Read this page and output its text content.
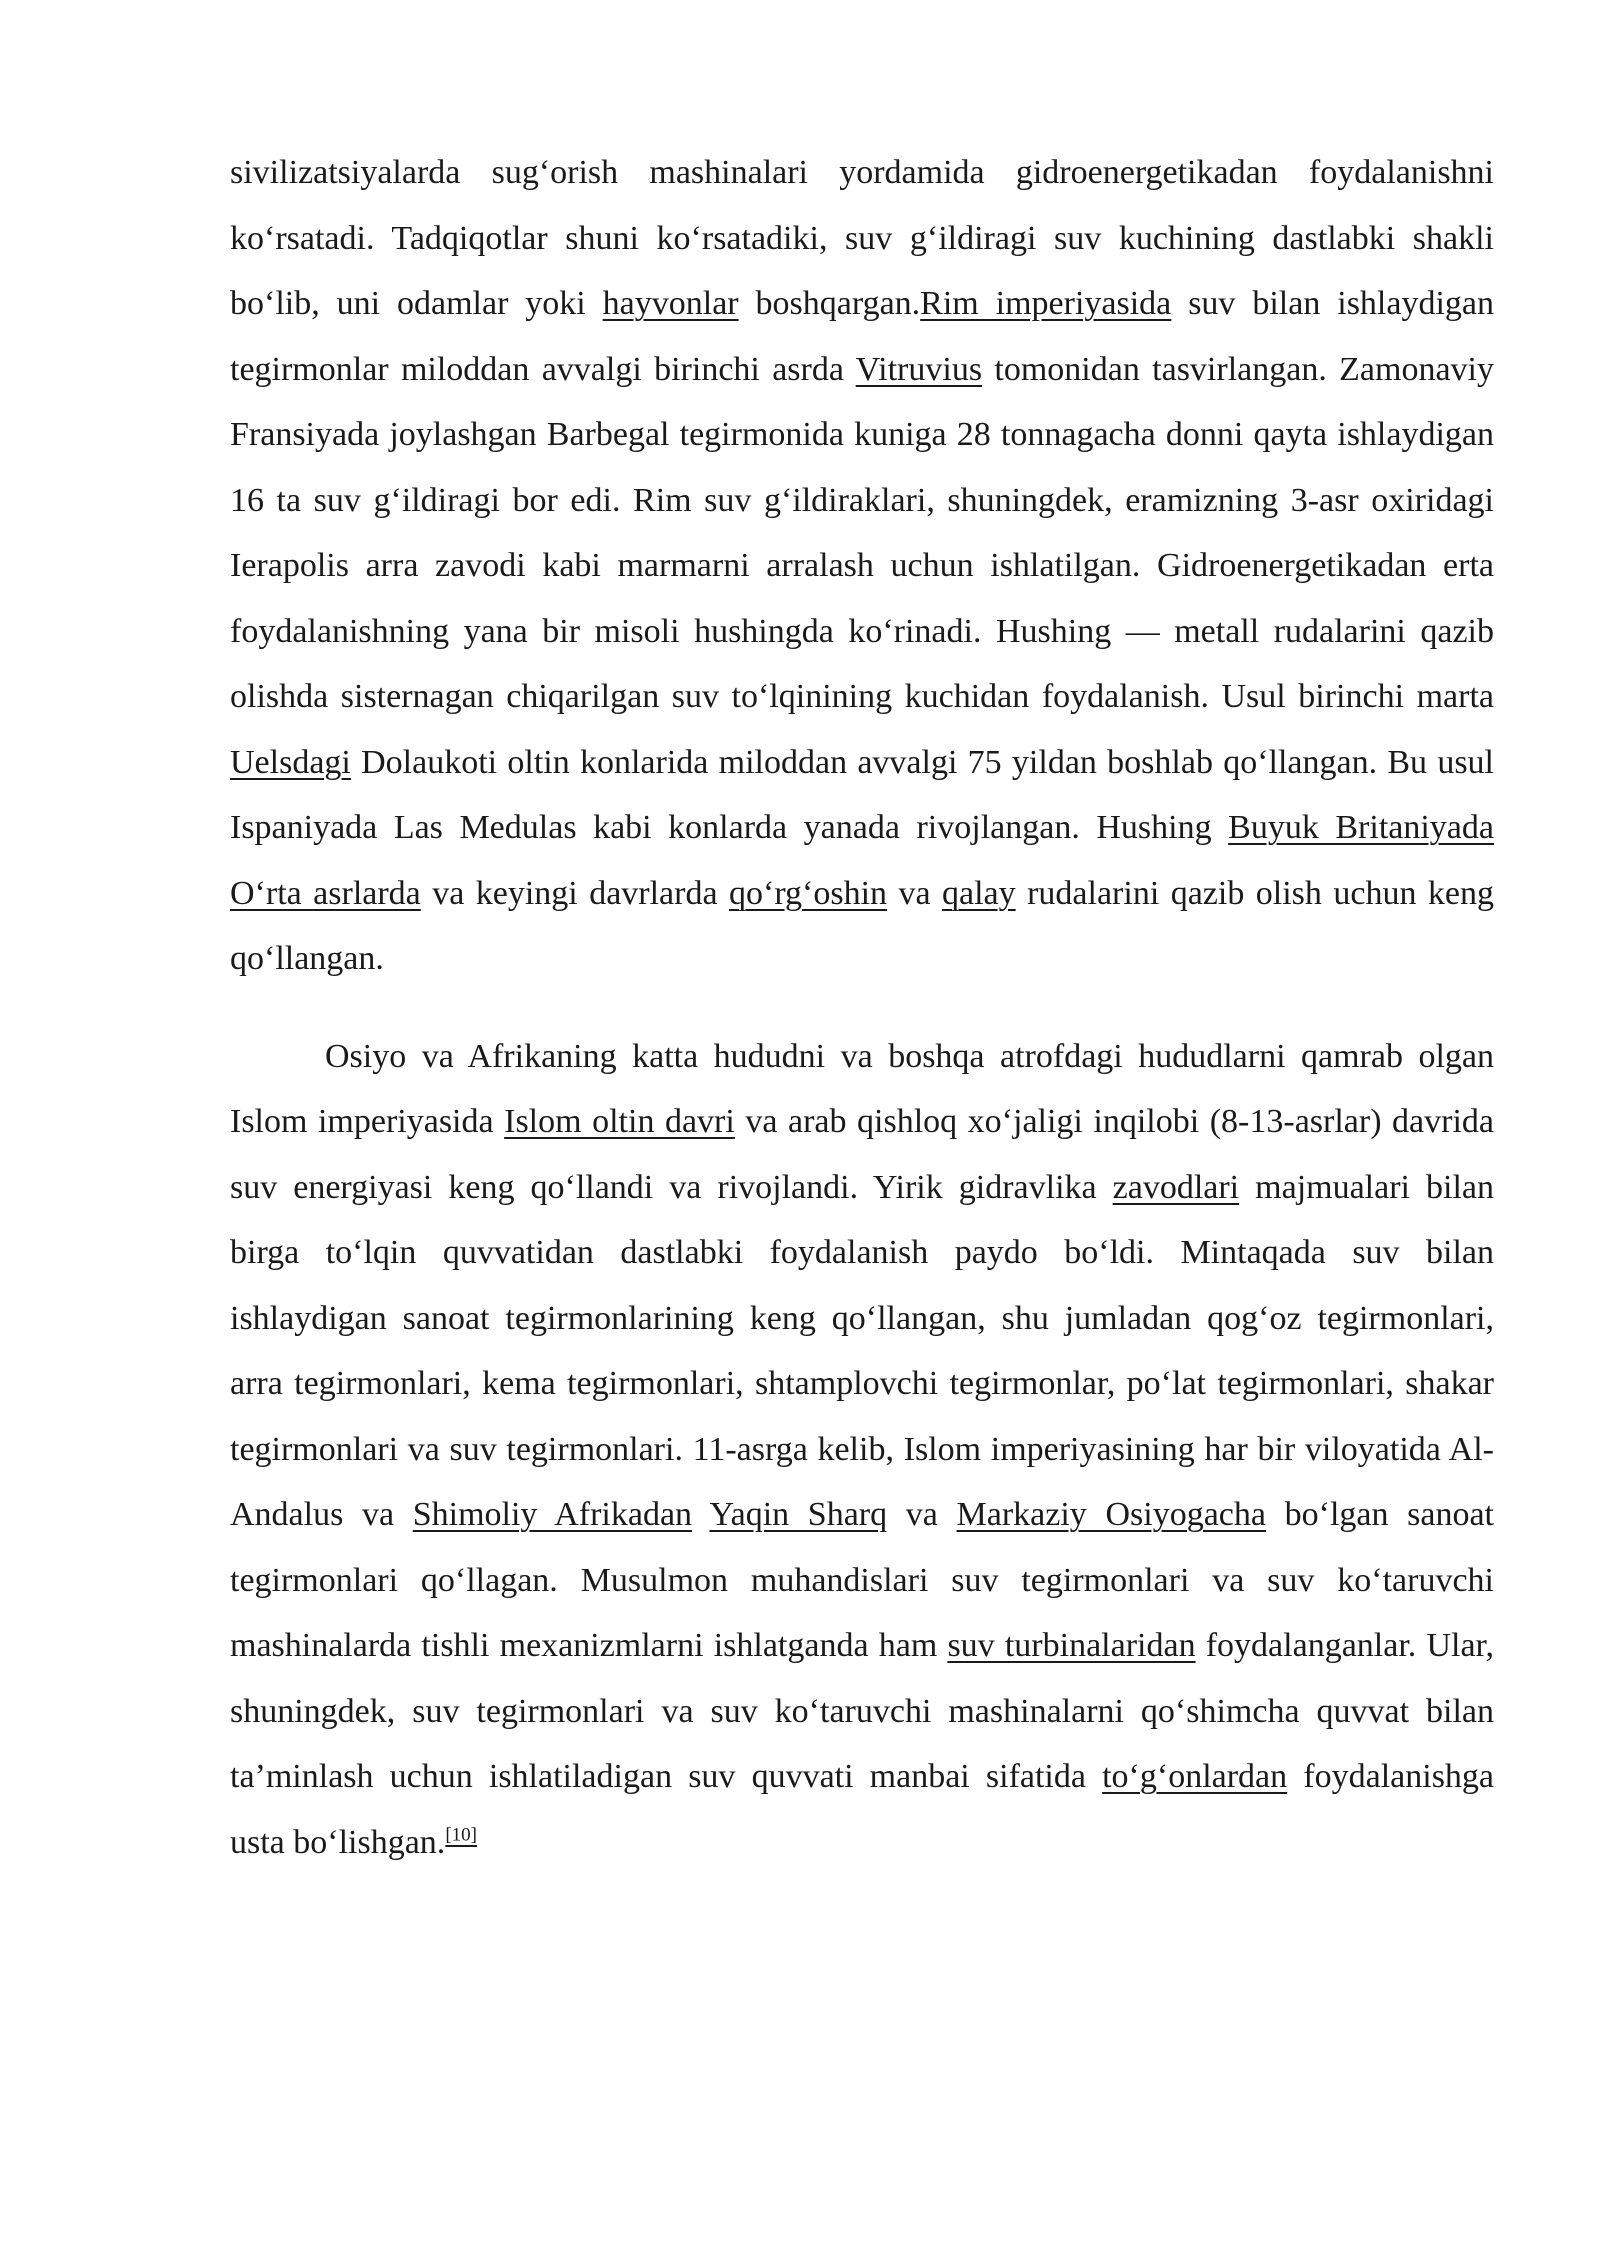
sivilizatsiyalarda sug‘orish mashinalari yordamida gidroenergetikadan foydalanishni ko‘rsatadi. Tadqiqotlar shuni ko‘rsatadiki, suv g‘ildiragi suv kuchining dastlabki shakli bo‘lib, uni odamlar yoki hayvonlar boshqargan.Rim imperiyasida suv bilan ishlaydigan tegirmonlar miloddan avvalgi birinchi asrda Vitruvius tomonidan tasvirlangan. Zamonaviy Fransiyada joylashgan Barbegal tegirmonida kuniga 28 tonnagacha donni qayta ishlaydigan 16 ta suv g‘ildiragi bor edi. Rim suv g‘ildiraklari, shuningdek, eramizning 3-asr oxiridagi Ierapolis arra zavodi kabi marmarni arralash uchun ishlatilgan. Gidroenergetikadan erta foydalanishning yana bir misoli hushingda ko‘rinadi. Hushing — metall rudalarini qazib olishda sisternagan chiqarilgan suv to‘lqinining kuchidan foydalanish. Usul birinchi marta Uelsdagi Dolaukoti oltin konlarida miloddan avvalgi 75 yildan boshlab qo‘llangan. Bu usul Ispaniyada Las Medulas kabi konlarda yanada rivojlangan. Hushing Buyuk Britaniyada O‘rta asrlarda va keyingi davrlarda qo‘rg‘oshin va qalay rudalarini qazib olish uchun keng qo‘llangan.

Osiyo va Afrikaning katta hududni va boshqa atrofdagi hududlarni qamrab olgan Islom imperiyasida Islom oltin davri va arab qishloq xo‘jaligi inqilobi (8-13-asrlar) davrida suv energiyasi keng qo‘llandi va rivojlandi. Yirik gidravlika zavodlari majmualari bilan birga to‘lqin quvvatidan dastlabki foydalanish paydo bo‘ldi. Mintaqada suv bilan ishlaydigan sanoat tegirmonlarining keng qo‘llangan, shu jumladan qog‘oz tegirmonlari, arra tegirmonlari, kema tegirmonlari, shtamplovchi tegirmonlar, po‘lat tegirmonlari, shakar tegirmonlari va suv tegirmonlari. 11-asrga kelib, Islom imperiyasining har bir viloyatida Al-Andalus va Shimoliy Afrikadan Yaqin Sharq va Markaziy Osiyogacha bo‘lgan sanoat tegirmonlari qo‘llagan. Musulmon muhandislari suv tegirmonlari va suv ko‘taruvchi mashinalarda tishli mexanizmlarni ishlatganda ham suv turbinalaridan foydalanganlar. Ular, shuningdek, suv tegirmonlari va suv ko‘taruvchi mashinalarni qo‘shimcha quvvat bilan ta’minlash uchun ishlatiladigan suv quvvati manbai sifatida to‘g‘onlardan foydalanishga usta bo‘lishgan.[10]
